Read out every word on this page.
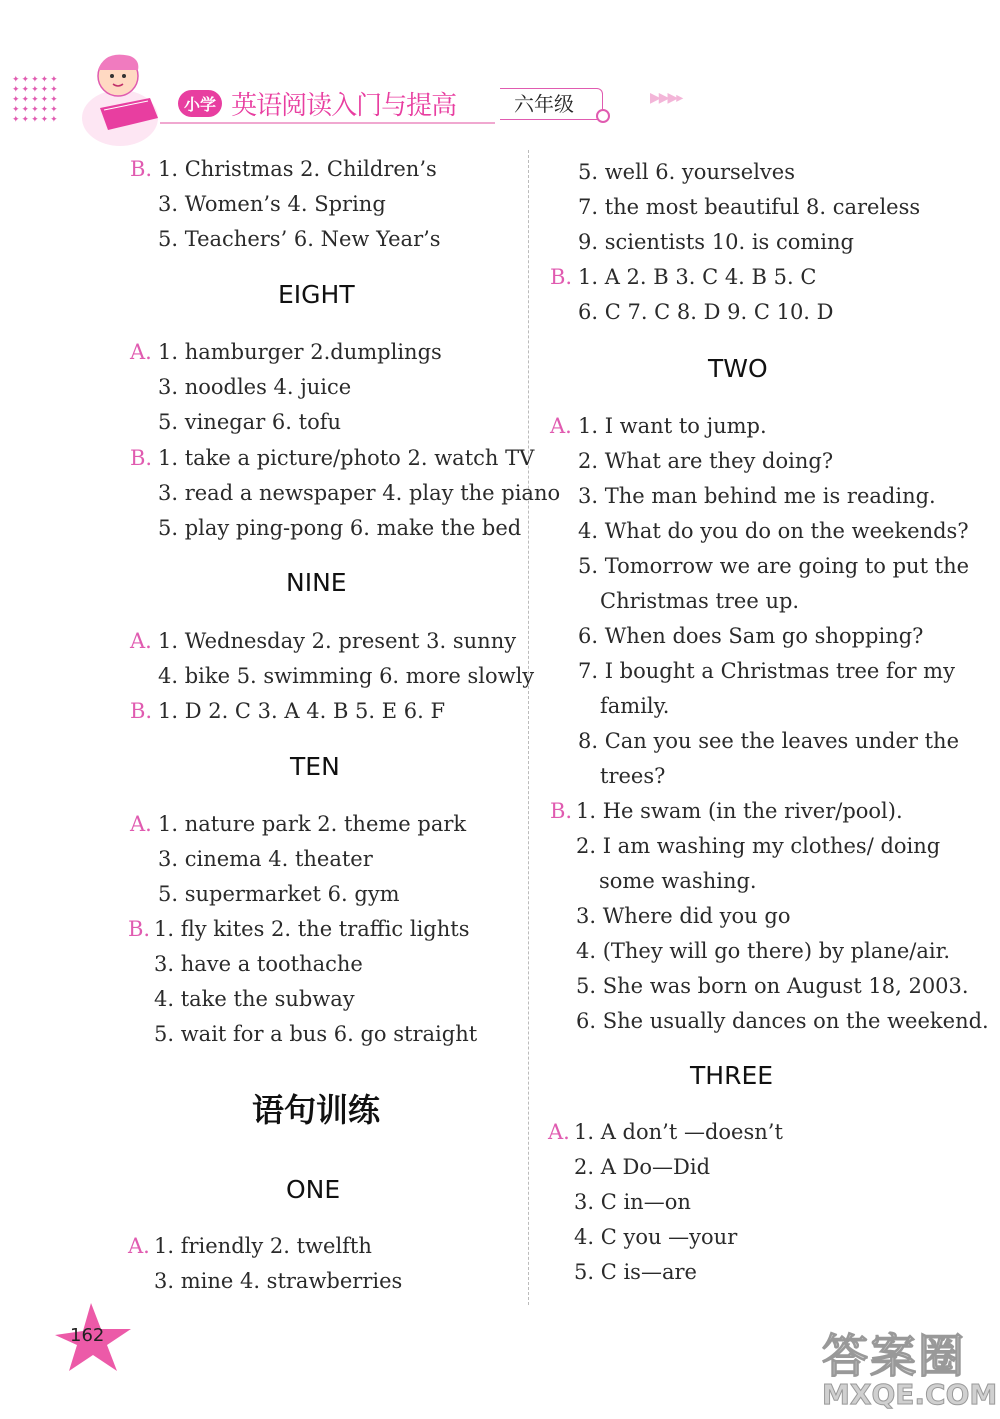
✦✦✦✦✦
✦✦✦✦✦
✦✦✦✦✦
✦✦✦✦✦
✦✦✦✦✦
小学 英语阅读入门与提高	六年级	▶▶▶▸
B. 1. Christmas 2. Children’s
3. Women’s 4. Spring
5. Teachers’ 6. New Year’s
EIGHT
A. 1. hamburger 2.dumplings
3. noodles 4. juice
5. vinegar 6. tofu
B. 1. take a picture/photo 2. watch TV
3. read a newspaper 4. play the piano
5. play ping-pong 6. make the bed
NINE
A. 1. Wednesday 2. present 3. sunny
4. bike 5. swimming 6. more slowly
B. 1. D 2. C 3. A 4. B 5. E 6. F
TEN
A. 1. nature park 2. theme park
3. cinema 4. theater
5. supermarket 6. gym
B. 1. fly kites 2. the traffic lights
3. have a toothache
4. take the subway
5. wait for a bus 6. go straight
语句训练
ONE
A. 1. friendly 2. twelfth
3. mine 4. strawberries
5. well 6. yourselves
7. the most beautiful 8. careless
9. scientists 10. is coming
B. 1. A 2. B 3. C 4. B 5. C
6. C 7. C 8. D 9. C 10. D
TWO
A. 1. I want to jump.
2. What are they doing?
3. The man behind me is reading.
4. What do you do on the weekends?
5. Tomorrow we are going to put the
Christmas tree up.
6. When does Sam go shopping?
7. I bought a Christmas tree for my
family.
8. Can you see the leaves under the
trees?
B. 1. He swam (in the river/pool).
2. I am washing my clothes/ doing
some washing.
3. Where did you go
4. (They will go there) by plane/air.
5. She was born on August 18, 2003.
6. She usually dances on the weekend.
THREE
A. 1. A don’t —doesn’t
2. A Do—Did
3. C in—on
4. C you —your
5. C is—are
162	答案圈
MXQE.COM
